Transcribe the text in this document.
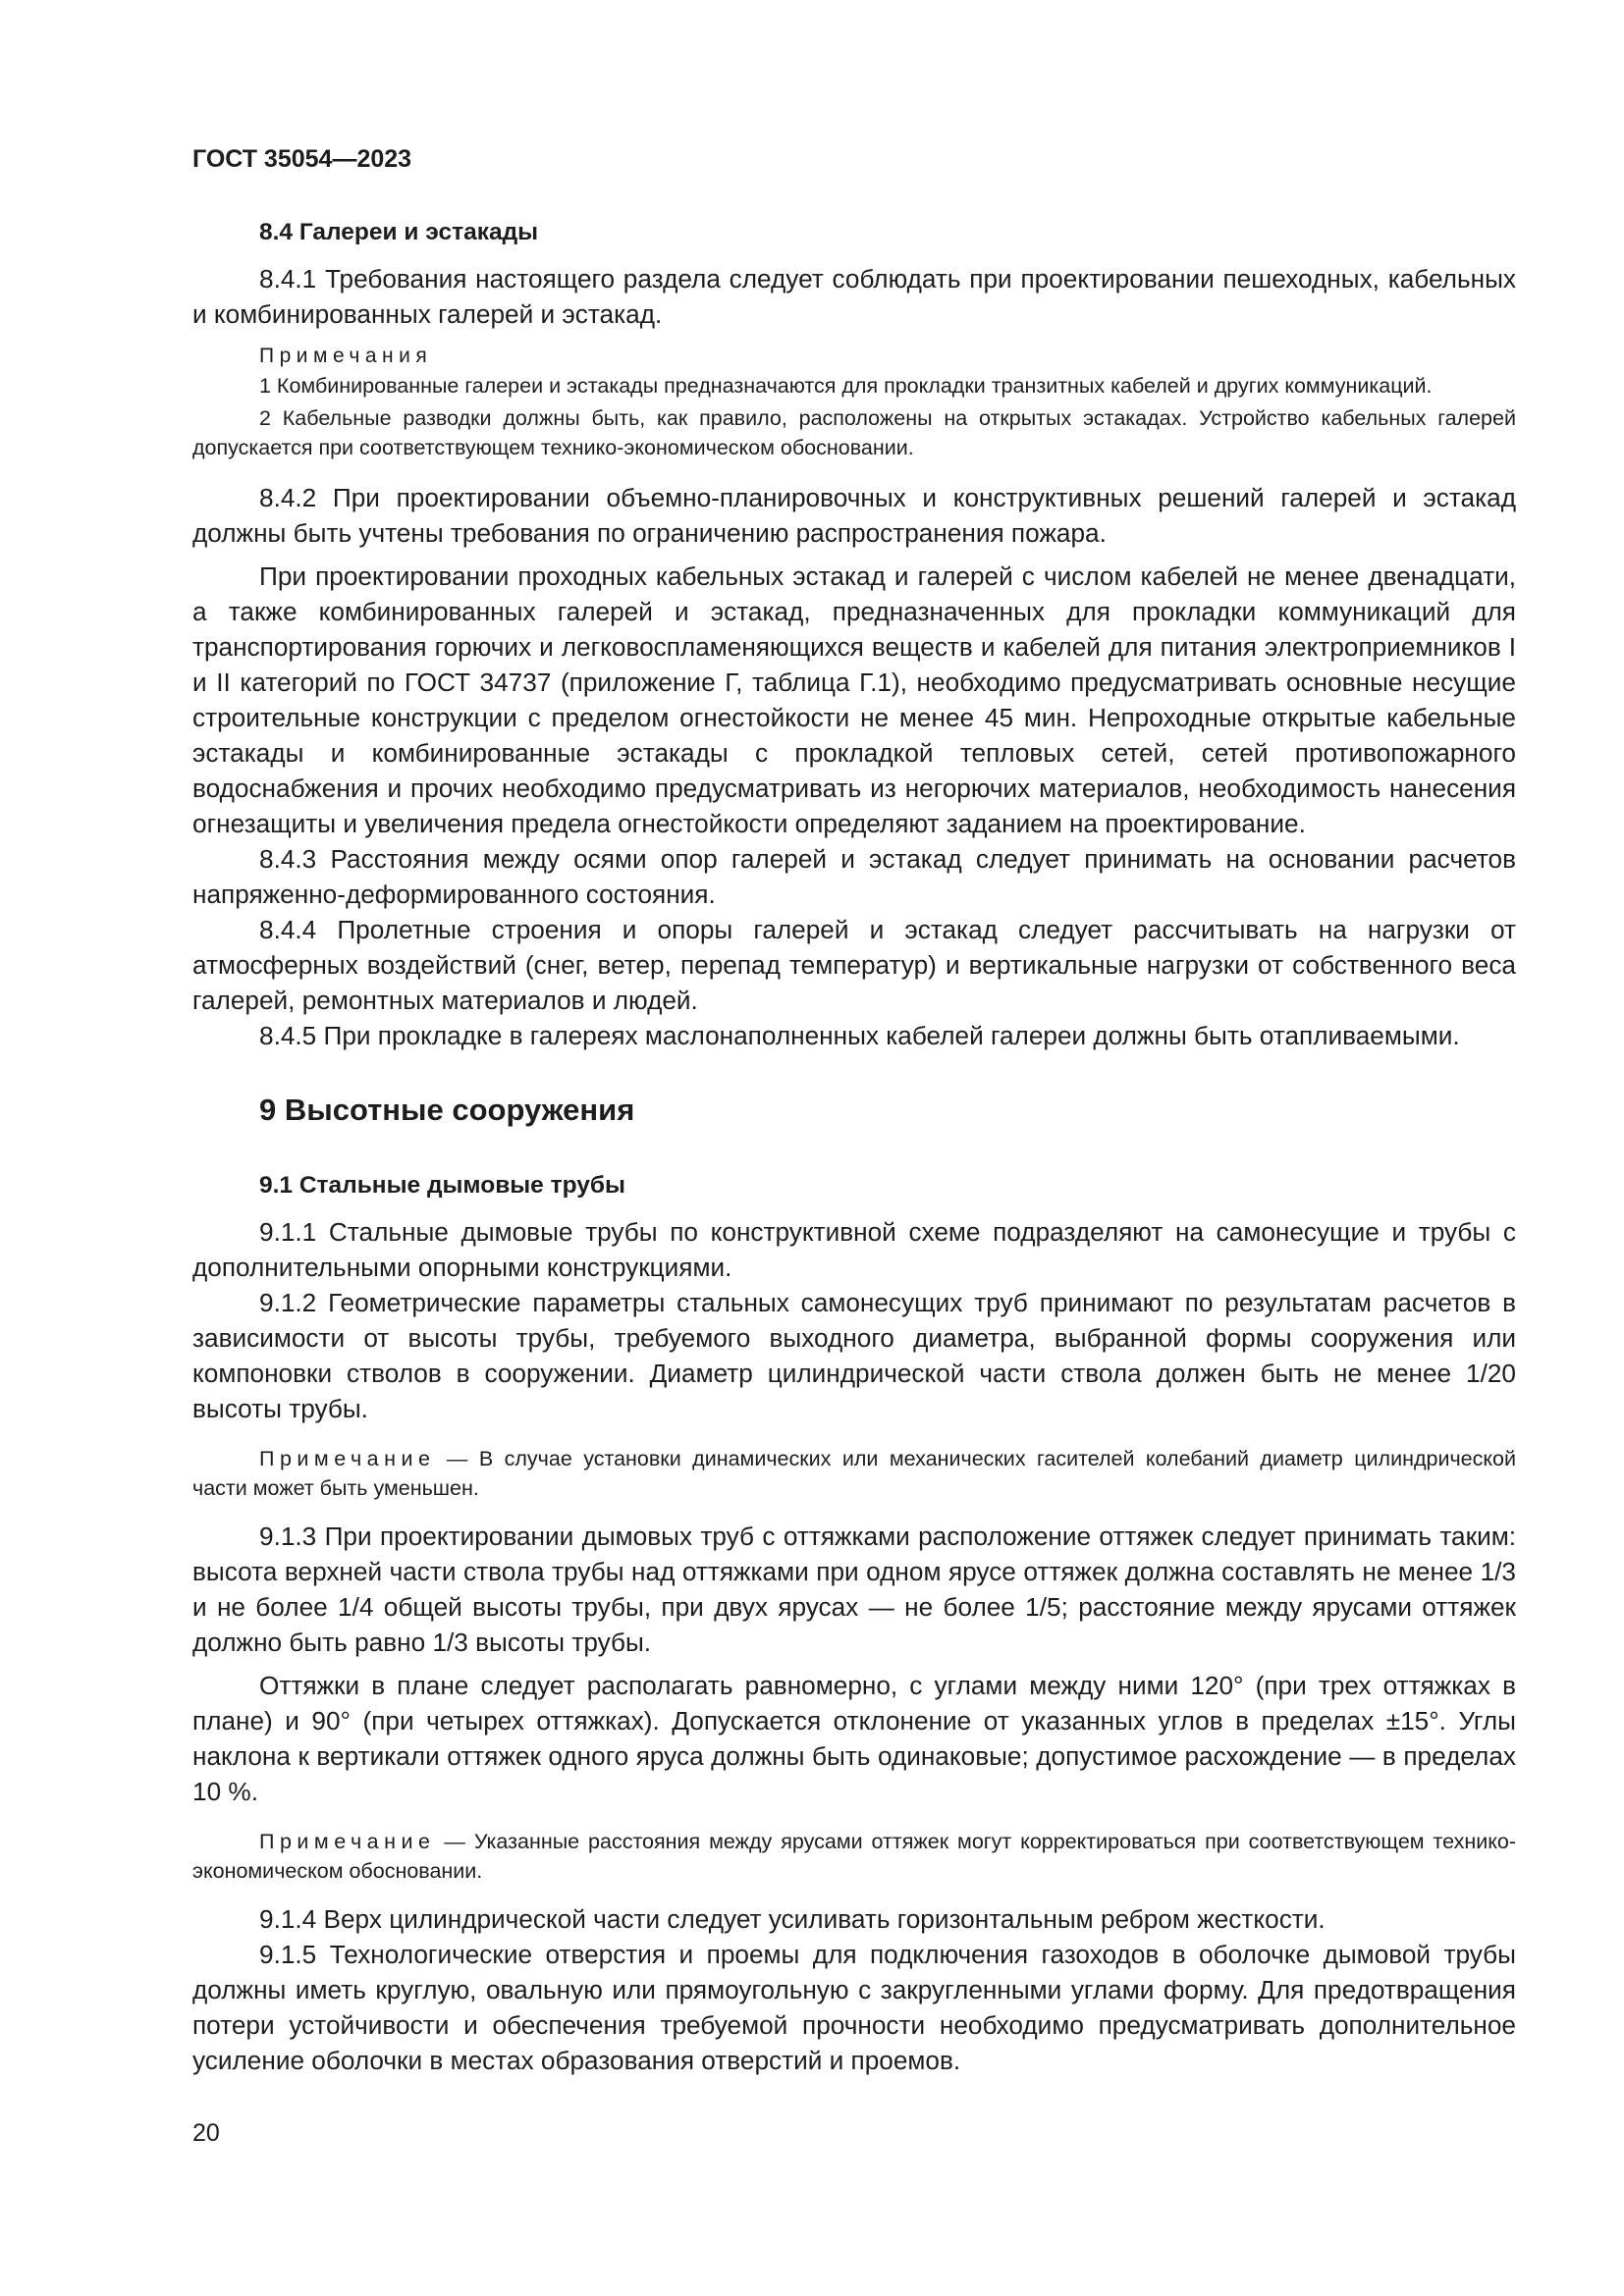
ГОСТ 35054—2023
8.4 Галереи и эстакады

8.4.1 Требования настоящего раздела следует соблюдать при проектировании пешеходных, кабельных и комбинированных галерей и эстакад.

Примечания

1 Комбинированные галереи и эстакады предназначаются для прокладки транзитных кабелей и других коммуникаций.

2 Кабельные разводки должны быть, как правило, расположены на открытых эстакадах. Устройство кабельных галерей допускается при соответствующем технико-экономическом обосновании.

8.4.2 При проектировании объемно-планировочных и конструктивных решений галерей и эстакад должны быть учтены требования по ограничению распространения пожара.

При проектировании проходных кабельных эстакад и галерей с числом кабелей не менее двенадцати, а также комбинированных галерей и эстакад, предназначенных для прокладки коммуникаций для транспортирования горючих и легковоспламеняющихся веществ и кабелей для питания электроприемников I и II категорий по ГОСТ 34737 (приложение Г, таблица Г.1), необходимо предусматривать основные несущие строительные конструкции с пределом огнестойкости не менее 45 мин. Непроходные открытые кабельные эстакады и комбинированные эстакады с прокладкой тепловых сетей, сетей противопожарного водоснабжения и прочих необходимо предусматривать из негорючих материалов, необходимость нанесения огнезащиты и увеличения предела огнестойкости определяют заданием на проектирование.

8.4.3 Расстояния между осями опор галерей и эстакад следует принимать на основании расчетов напряженно-деформированного состояния.

8.4.4 Пролетные строения и опоры галерей и эстакад следует рассчитывать на нагрузки от атмосферных воздействий (снег, ветер, перепад температур) и вертикальные нагрузки от собственного веса галерей, ремонтных материалов и людей.

8.4.5 При прокладке в галереях маслонаполненных кабелей галереи должны быть отапливаемыми.

9 Высотные сооружения
9.1 Стальные дымовые трубы

9.1.1 Стальные дымовые трубы по конструктивной схеме подразделяют на самонесущие и трубы с дополнительными опорными конструкциями.

9.1.2 Геометрические параметры стальных самонесущих труб принимают по результатам расчетов в зависимости от высоты трубы, требуемого выходного диаметра, выбранной формы сооружения или компоновки стволов в сооружении. Диаметр цилиндрической части ствола должен быть не менее 1/20 высоты трубы.

Примечание — В случае установки динамических или механических гасителей колебаний диаметр цилиндрической части может быть уменьшен.

9.1.3 При проектировании дымовых труб с оттяжками расположение оттяжек следует принимать таким: высота верхней части ствола трубы над оттяжками при одном ярусе оттяжек должна составлять не менее 1/3 и не более 1/4 общей высоты трубы, при двух ярусах — не более 1/5; расстояние между ярусами оттяжек должно быть равно 1/3 высоты трубы.

Оттяжки в плане следует располагать равномерно, с углами между ними 120° (при трех оттяжках в плане) и 90° (при четырех оттяжках). Допускается отклонение от указанных углов в пределах ±15°. Углы наклона к вертикали оттяжек одного яруса должны быть одинаковые; допустимое расхождение — в пределах 10 %.

Примечание — Указанные расстояния между ярусами оттяжек могут корректироваться при соответствующем технико-экономическом обосновании.

9.1.4 Верх цилиндрической части следует усиливать горизонтальным ребром жесткости.

9.1.5 Технологические отверстия и проемы для подключения газоходов в оболочке дымовой трубы должны иметь круглую, овальную или прямоугольную с закругленными углами форму. Для предотвращения потери устойчивости и обеспечения требуемой прочности необходимо предусматривать дополнительное усиление оболочки в местах образования отверстий и проемов.

20
